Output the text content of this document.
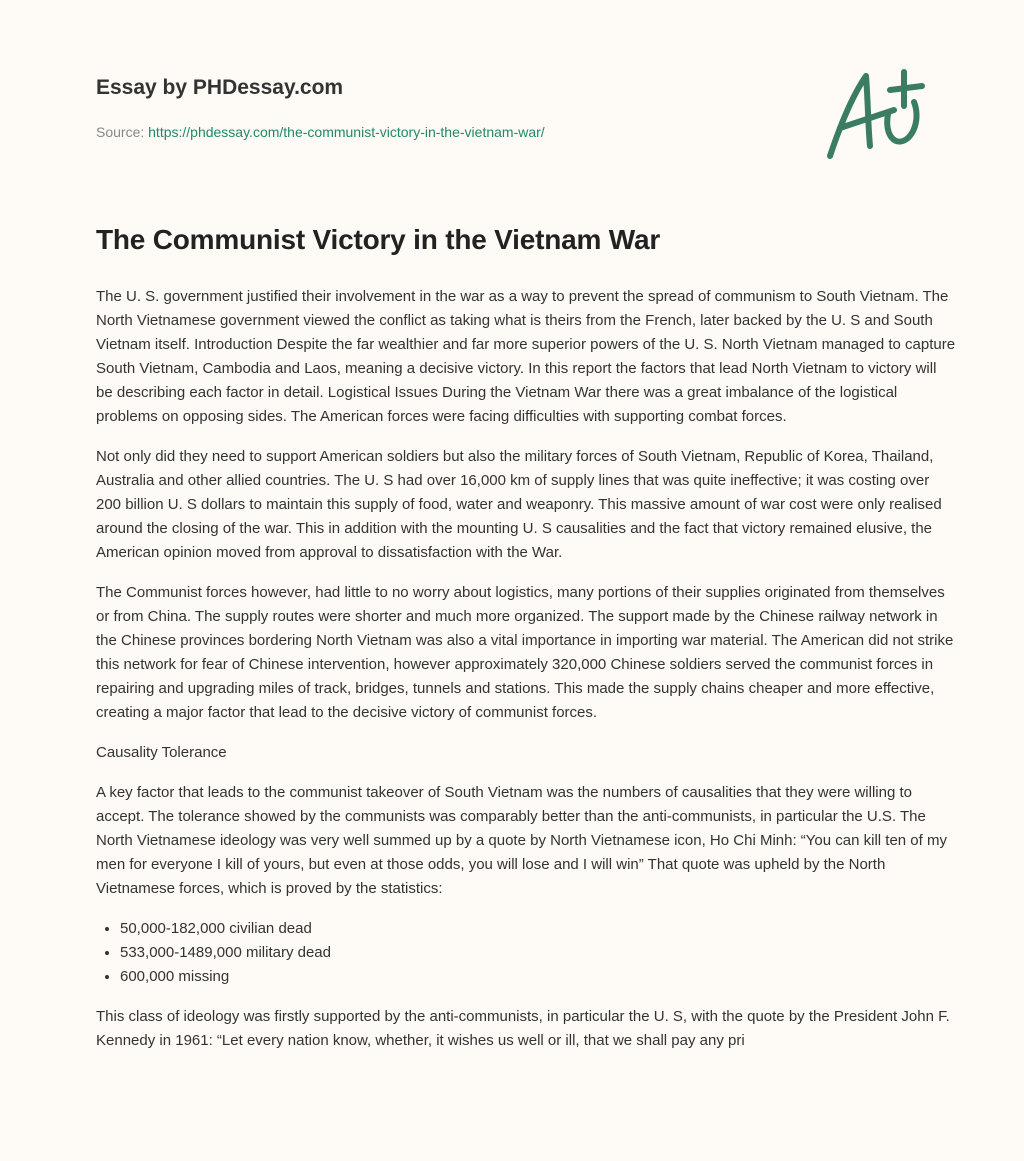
Essay by PHDessay.com
Source: https://phdessay.com/the-communist-victory-in-the-vietnam-war/
The Communist Victory in the Vietnam War

The U. S. government justified their involvement in the war as a way to prevent the spread of communism to South Vietnam. The North Vietnamese government viewed the conflict as taking what is theirs from the French, later backed by the U. S and South Vietnam itself. Introduction Despite the far wealthier and far more superior powers of the U. S. North Vietnam managed to capture South Vietnam, Cambodia and Laos, meaning a decisive victory. In this report the factors that lead North Vietnam to victory will be describing each factor in detail. Logistical Issues During the Vietnam War there was a great imbalance of the logistical problems on opposing sides. The American forces were facing difficulties with supporting combat forces.

Not only did they need to support American soldiers but also the military forces of South Vietnam, Republic of Korea, Thailand, Australia and other allied countries. The U. S had over 16,000 km of supply lines that was quite ineffective; it was costing over 200 billion U. S dollars to maintain this supply of food, water and weaponry. This massive amount of war cost were only realised around the closing of the war. This in addition with the mounting U. S causalities and the fact that victory remained elusive, the American opinion moved from approval to dissatisfaction with the War.

The Communist forces however, had little to no worry about logistics, many portions of their supplies originated from themselves or from China. The supply routes were shorter and much more organized. The support made by the Chinese railway network in the Chinese provinces bordering North Vietnam was also a vital importance in importing war material. The American did not strike this network for fear of Chinese intervention, however approximately 320,000 Chinese soldiers served the communist forces in repairing and upgrading miles of track, bridges, tunnels and stations. This made the supply chains cheaper and more effective, creating a major factor that lead to the decisive victory of communist forces.

Causality Tolerance

A key factor that leads to the communist takeover of South Vietnam was the numbers of causalities that they were willing to accept. The tolerance showed by the communists was comparably better than the anti-communists, in particular the U.S. The North Vietnamese ideology was very well summed up by a quote by North Vietnamese icon, Ho Chi Minh: “You can kill ten of my men for everyone I kill of yours, but even at those odds, you will lose and I will win” That quote was upheld by the North Vietnamese forces, which is proved by the statistics:

• 50,000-182,000 civilian dead
• 533,000-1489,000 military dead
• 600,000 missing

This class of ideology was firstly supported by the anti-communists, in particular the U. S, with the quote by the President John F. Kennedy in 1961: “Let every nation know, whether, it wishes us well or ill, that we shall pay any pri
